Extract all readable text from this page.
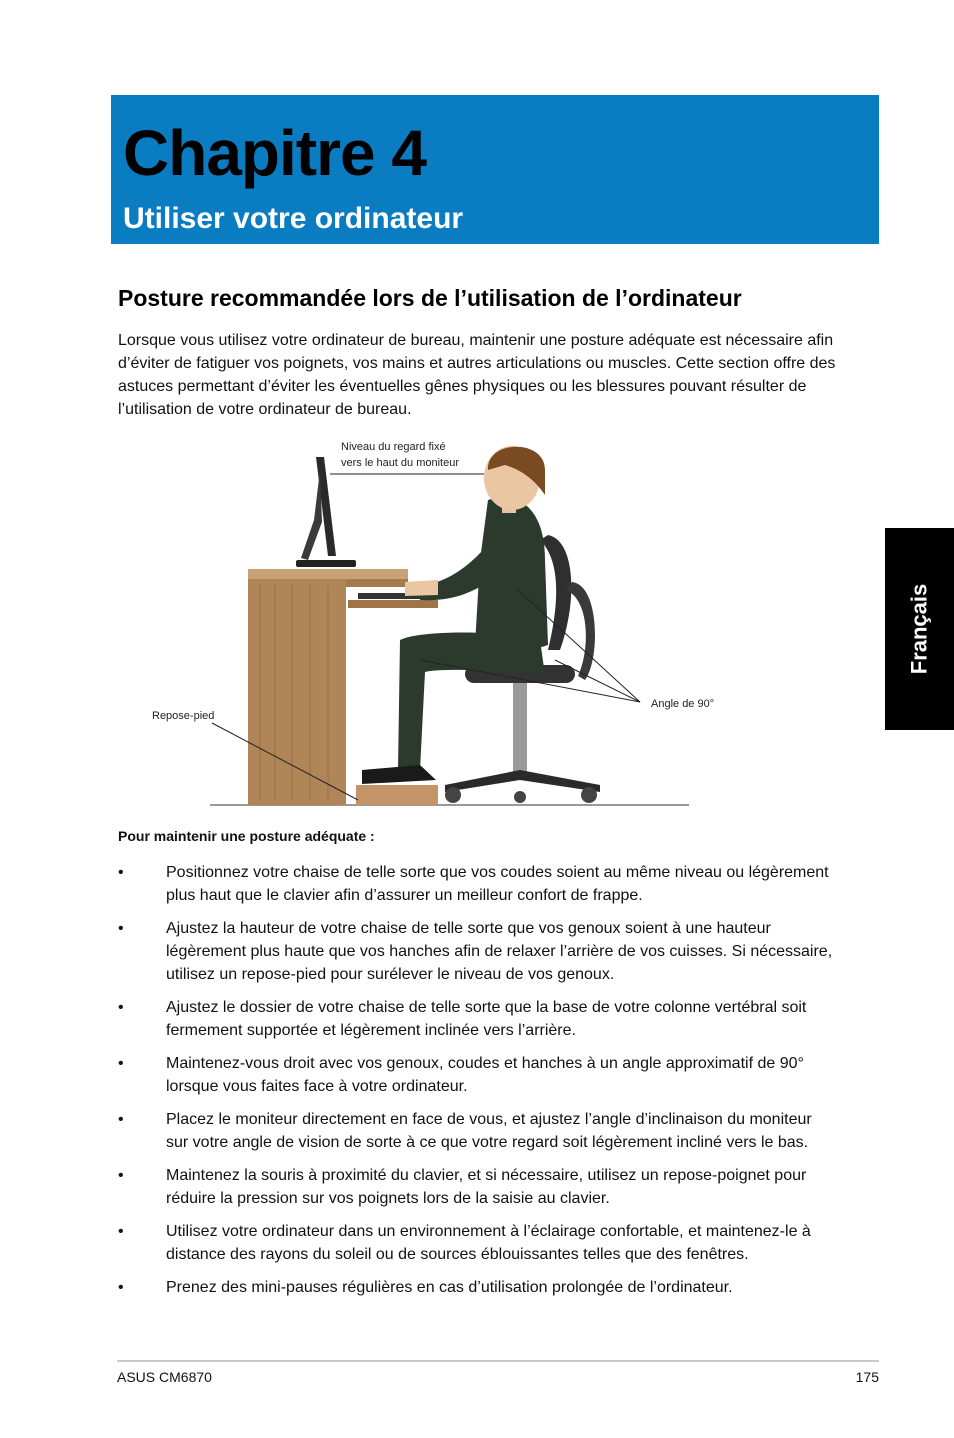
Chapitre 4
Utiliser votre ordinateur
Posture recommandée lors de l’utilisation de l’ordinateur

Lorsque vous utilisez votre ordinateur de bureau, maintenir une posture adéquate est nécessaire afin d’éviter de fatiguer vos poignets, vos mains et autres articulations ou muscles. Cette section offre des astuces permettant d’éviter les éventuelles gênes physiques ou les blessures pouvant résulter de l’utilisation de votre ordinateur de bureau.

Français
Niveau du regard fixé
vers le haut du moniteur
Angle de 90°
Repose-pied

Pour maintenir une posture adéquate :

•	Positionnez votre chaise de telle sorte que vos coudes soient au même niveau ou légèrement plus haut que le clavier afin d’assurer un meilleur confort de frappe.
•	Ajustez la hauteur de votre chaise de telle sorte que vos genoux soient à une hauteur légèrement plus haute que vos hanches afin de relaxer l’arrière de vos cuisses. Si nécessaire, utilisez un repose-pied pour surélever le niveau de vos genoux.
•	Ajustez le dossier de votre chaise de telle sorte que la base de votre colonne vertébral soit fermement supportée et légèrement inclinée vers l’arrière.
•	Maintenez-vous droit avec vos genoux, coudes et hanches à un angle approximatif de 90° lorsque vous faites face à votre ordinateur.
•	Placez le moniteur directement en face de vous, et ajustez l’angle d’inclinaison du moniteur sur votre angle de vision de sorte à ce que votre regard soit légèrement incliné vers le bas.
•	Maintenez la souris à proximité du clavier, et si nécessaire, utilisez un repose-poignet pour réduire la pression sur vos poignets lors de la saisie au clavier.
•	Utilisez votre ordinateur dans un environnement à l’éclairage confortable, et maintenez-le à distance des rayons du soleil ou de sources éblouissantes telles que des fenêtres.
•	Prenez des mini-pauses régulières en cas d’utilisation prolongée de l’ordinateur.
ASUS CM6870	175
